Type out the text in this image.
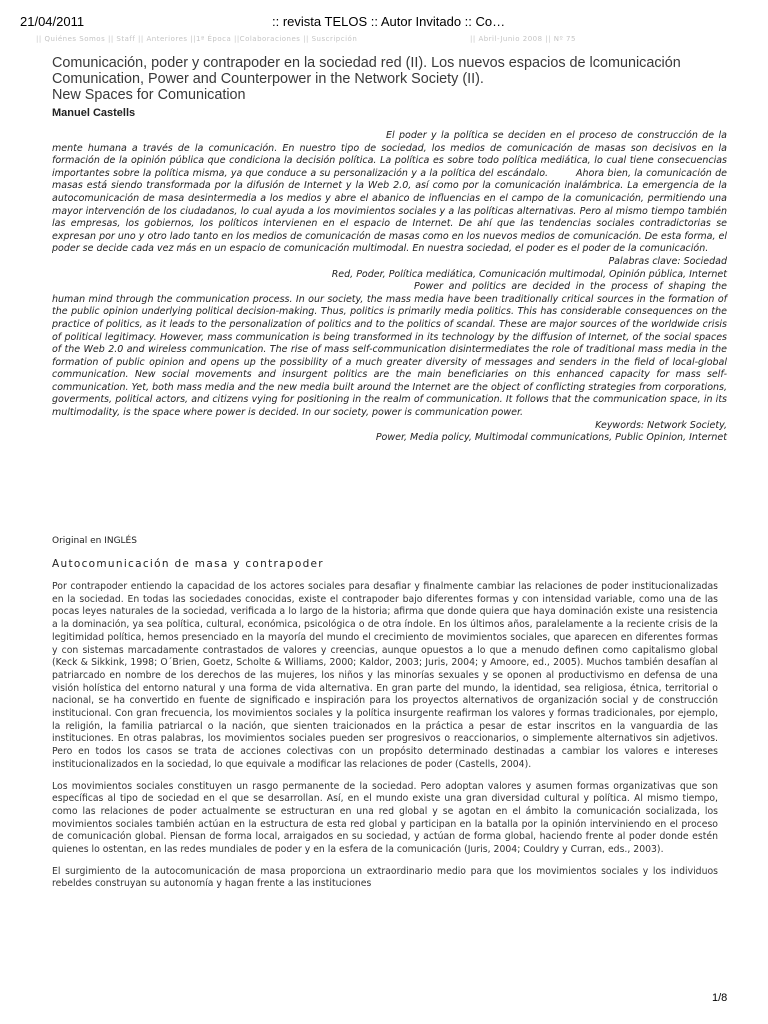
21/04/2011	:: revista TELOS :: Autor Invitado :: Co…
|| Quiénes Somos || Staff || Anteriores ||1ª Época ||Colaboraciones || Suscripción	|| Abril-Junio 2008 || Nº 75
Comunicación, poder y contrapoder en la sociedad red (II). Los nuevos espacios de lcomunicación
Comunication, Power and Counterpower in the Network Society (II).
New Spaces for Comunication
Manuel Castells

El poder y la política se deciden en el proceso de construcción de la mente humana a través de la comunicación. En nuestro tipo de sociedad, los medios de comunicación de masas son decisivos en la formación de la opinión pública que condiciona la decisión política. La política es sobre todo política mediática, lo cual tiene consecuencias importantes sobre la política misma, ya que conduce a su personalización y a la política del escándalo.	Ahora bien, la comunicación de masas está siendo transformada por la difusión de Internet y la Web 2.0, así como por la comunicación inalámbrica. La emergencia de la autocomunicación de masa desintermedia a los medios y abre el abanico de influencias en el campo de la comunicación, permitiendo una mayor intervención de los ciudadanos, lo cual ayuda a los movimientos sociales y a las políticas alternativas. Pero al mismo tiempo también las empresas, los gobiernos, los políticos intervienen en el espacio de Internet. De ahí que las tendencias sociales contradictorias se expresan por uno y otro lado tanto en los medios de comunicación de masas como en los nuevos medios de comunicación. De esta forma, el poder se decide cada vez más en un espacio de comunicación multimodal. En nuestra sociedad, el poder es el poder de la comunicación.

Palabras clave: Sociedad

Red, Poder, Política mediática, Comunicación multimodal, Opinión pública, Internet

Power and politics are decided in the process of shaping the human mind through the communication process. In our society, the mass media have been traditionally critical sources in the formation of the public opinion underlying political decision-making. Thus, politics is primarily media politics. This has considerable consequences on the practice of politics, as it leads to the personalization of politics and to the politics of scandal. These are major sources of the worldwide crisis of political legitimacy. However, mass communication is being transformed in its technology by the diffusion of Internet, of the social spaces of the Web 2.0 and wireless communication. The rise of mass self-communication disintermediates the role of traditional mass media in the formation of public opinion and opens up the possibility of a much greater diversity of messages and senders in the field of local-global communication. New social movements and insurgent politics are the main beneficiaries on this enhanced capacity for mass self-communication. Yet, both mass media and the new media built around the Internet are the object of conflicting strategies from corporations, goverments, political actors, and citizens vying for positioning in the realm of communication. It follows that the communication space, in its multimodality, is the space where power is decided. In our society, power is communication power.

Keywords: Network Society,

Power, Media policy, Multimodal communications, Public Opinion, Internet

Original en INGLÉS
Autocomunicación de masa y contrapoder

Por contrapoder entiendo la capacidad de los actores sociales para desafiar y finalmente cambiar las relaciones de poder institucionalizadas en la sociedad. En todas las sociedades conocidas, existe el contrapoder bajo diferentes formas y con intensidad variable, como una de las pocas leyes naturales de la sociedad, verificada a lo largo de la historia; afirma que donde quiera que haya dominación existe una resistencia a la dominación, ya sea política, cultural, económica, psicológica o de otra índole. En los últimos años, paralelamente a la reciente crisis de la legitimidad política, hemos presenciado en la mayoría del mundo el crecimiento de movimientos sociales, que aparecen en diferentes formas y con sistemas marcadamente contrastados de valores y creencias, aunque opuestos a lo que a menudo definen como capitalismo global (Keck & Sikkink, 1998; O´Brien, Goetz, Scholte & Williams, 2000; Kaldor, 2003; Juris, 2004; y Amoore, ed., 2005). Muchos también desafían al patriarcado en nombre de los derechos de las mujeres, los niños y las minorías sexuales y se oponen al productivismo en defensa de una visión holística del entorno natural y una forma de vida alternativa. En gran parte del mundo, la identidad, sea religiosa, étnica, territorial o nacional, se ha convertido en fuente de significado e inspiración para los proyectos alternativos de organización social y de construcción institucional. Con gran frecuencia, los movimientos sociales y la política insurgente reafirman los valores y formas tradicionales, por ejemplo, la religión, la familia patriarcal o la nación, que sienten traicionados en la práctica a pesar de estar inscritos en la vanguardia de las instituciones. En otras palabras, los movimientos sociales pueden ser progresivos o reaccionarios, o simplemente alternativos sin adjetivos. Pero en todos los casos se trata de acciones colectivas con un propósito determinado destinadas a cambiar los valores e intereses institucionalizados en la sociedad, lo que equivale a modificar las relaciones de poder (Castells, 2004).

Los movimientos sociales constituyen un rasgo permanente de la sociedad. Pero adoptan valores y asumen formas organizativas que son específicas al tipo de sociedad en el que se desarrollan. Así, en el mundo existe una gran diversidad cultural y política. Al mismo tiempo, como las relaciones de poder actualmente se estructuran en una red global y se agotan en el ámbito la comunicación socializada, los movimientos sociales también actúan en la estructura de esta red global y participan en la batalla por la opinión interviniendo en el proceso de comunicación global. Piensan de forma local, arraigados en su sociedad, y actúan de forma global, haciendo frente al poder donde estén quienes lo ostentan, en las redes mundiales de poder y en la esfera de la comunicación (Juris, 2004; Couldry y Curran, eds., 2003).

El surgimiento de la autocomunicación de masa proporciona un extraordinario medio para que los movimientos sociales y los individuos rebeldes construyan su autonomía y hagan frente a las instituciones

1/8
